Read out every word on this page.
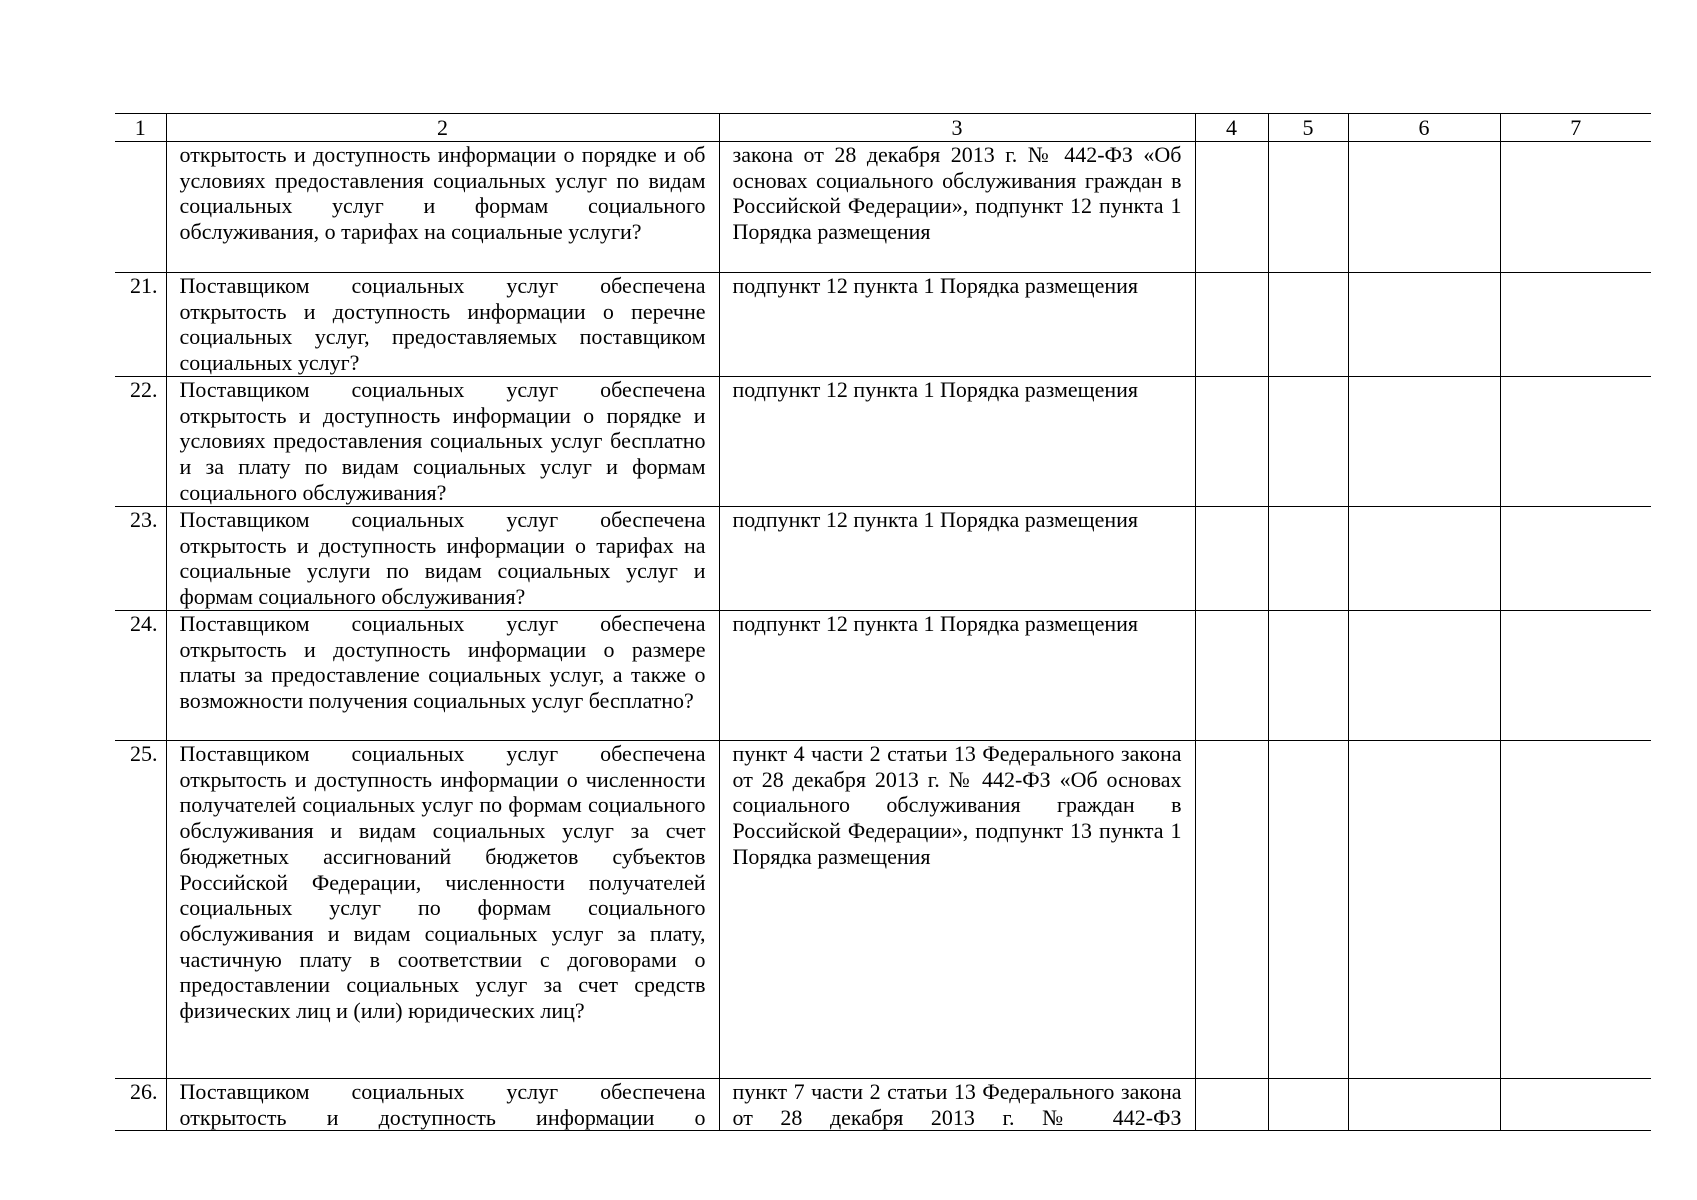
1	2	3	4	5	6	7
	открытость и доступность информации о порядке и об условиях предоставления социальных услуг по видам социальных услуг и формам социального обслуживания, о тарифах на социальные услуги?	закона от 28 декабря 2013 г. № 442-ФЗ «Об основах социального обслуживания граждан в Российской Федерации», подпункт 12 пункта 1 Порядка размещения				
21.	Поставщиком социальных услуг обеспечена открытость и доступность информации о перечне социальных услуг, предоставляемых поставщиком социальных услуг?	подпункт 12 пункта 1 Порядка размещения				
22.	Поставщиком социальных услуг обеспечена открытость и доступность информации о порядке и условиях предоставления социальных услуг бесплатно и за плату по видам социальных услуг и формам социального обслуживания?	подпункт 12 пункта 1 Порядка размещения				
23.	Поставщиком социальных услуг обеспечена открытость и доступность информации о тарифах на социальные услуги по видам социальных услуг и формам социального обслуживания?	подпункт 12 пункта 1 Порядка размещения				
24.	Поставщиком социальных услуг обеспечена открытость и доступность информации о размере платы за предоставление социальных услуг, а также о возможности получения социальных услуг бесплатно?	подпункт 12 пункта 1 Порядка размещения				
25.	Поставщиком социальных услуг обеспечена открытость и доступность информации о численности получателей социальных услуг по формам социального обслуживания и видам социальных услуг за счет бюджетных ассигнований бюджетов субъектов Российской Федерации, численности получателей социальных услуг по формам социального обслуживания и видам социальных услуг за плату, частичную плату в соответствии с договорами о предоставлении социальных услуг за счет средств физических лиц и (или) юридических лиц?	пункт 4 части 2 статьи 13 Федерального закона от 28 декабря 2013 г. № 442-ФЗ «Об основах социального обслуживания граждан в Российской Федерации», подпункт 13 пункта 1 Порядка размещения				
26.	Поставщиком социальных услуг обеспечена открытость и доступность информации о	пункт 7 части 2 статьи 13 Федерального закона от 28 декабря 2013 г. № 442-ФЗ				
